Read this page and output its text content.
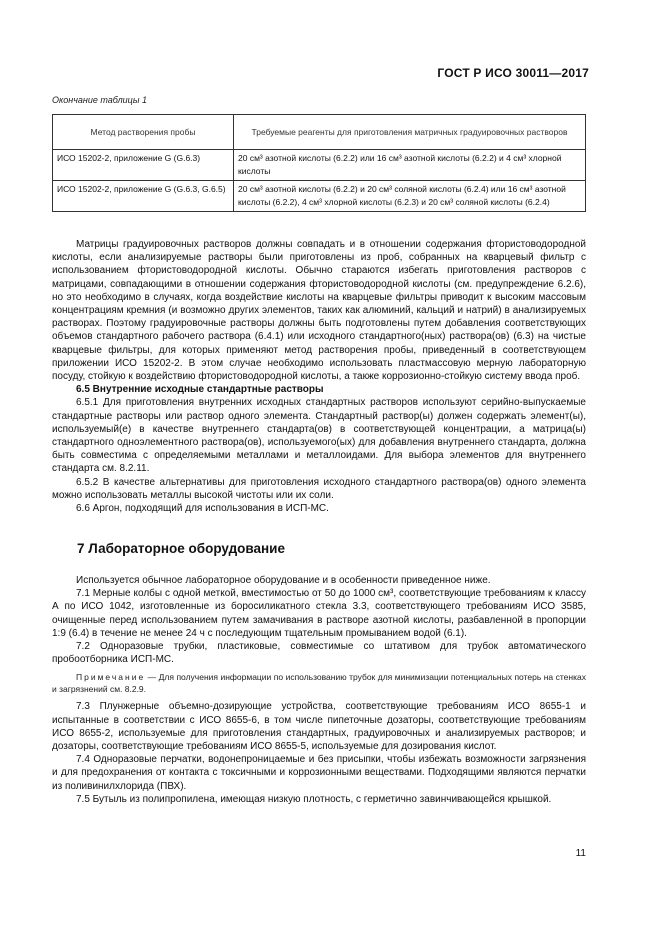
ГОСТ Р ИСО 30011—2017
Окончание таблицы 1
Метод растворения пробы	Требуемые реагенты для приготовления матричных градуировочных растворов
ИСО 15202-2, приложение G (G.6.3)	20 см³ азотной кислоты (6.2.2) или 16 см³ азотной кислоты (6.2.2) и 4 см³ хлорной кислоты
ИСО 15202-2, приложение G (G.6.3, G.6.5)	20 см³ азотной кислоты (6.2.2) и 20 см³ соляной кислоты (6.2.4) или 16 см³ азотной кислоты (6.2.2), 4 см³ хлорной кислоты (6.2.3) и 20 см³ соляной кислоты (6.2.4)

Матрицы градуировочных растворов должны совпадать и в отношении содержания фтористоводородной кислоты, если анализируемые растворы были приготовлены из проб, собранных на кварцевый фильтр с использованием фтористоводородной кислоты. Обычно стараются избегать приготовления растворов с матрицами, совпадающими в отношении содержания фтористоводородной кислоты (см. предупреждение 6.2.6), но это необходимо в случаях, когда воздействие кислоты на кварцевые фильтры приводит к высоким массовым концентрациям кремния (и возможно других элементов, таких как алюминий, кальций и натрий) в анализируемых растворах. Поэтому градуировочные растворы должны быть подготовлены путем добавления соответствующих объемов стандартного рабочего раствора (6.4.1) или исходного стандартного(ных) раствора(ов) (6.3) на чистые кварцевые фильтры, для которых применяют метод растворения пробы, приведенный в соответствующем приложении ИСО 15202-2. В этом случае необходимо использовать пластмассовую мерную лабораторную посуду, стойкую к воздействию фтористоводородной кислоты, а также коррозионно-стойкую систему ввода проб.

6.5 Внутренние исходные стандартные растворы

6.5.1 Для приготовления внутренних исходных стандартных растворов используют серийно-выпускаемые стандартные растворы или раствор одного элемента. Стандартный раствор(ы) должен содержать элемент(ы), используемый(е) в качестве внутреннего стандарта(ов) в соответствующей концентрации, а матрица(ы) стандартного одноэлементного раствора(ов), используемого(ых) для добавления внутреннего стандарта, должна быть совместима с определяемыми металлами и металлоидами. Для выбора элементов для внутреннего стандарта см. 8.2.11.

6.5.2 В качестве альтернативы для приготовления исходного стандартного раствора(ов) одного элемента можно использовать металлы высокой чистоты или их соли.

6.6 Аргон, подходящий для использования в ИСП-МС.

7 Лабораторное оборудование

Используется обычное лабораторное оборудование и в особенности приведенное ниже.

7.1 Мерные колбы с одной меткой, вместимостью от 50 до 1000 см³, соответствующие требованиям к классу А по ИСО 1042, изготовленные из боросиликатного стекла 3.3, соответствующего требованиям ИСО 3585, очищенные перед использованием путем замачивания в растворе азотной кислоты, разбавленной в пропорции 1:9 (6.4) в течение не менее 24 ч с последующим тщательным промыванием водой (6.1).

7.2 Одноразовые трубки, пластиковые, совместимые со штативом для трубок автоматического пробоотборника ИСП-МС.

Примечание — Для получения информации по использованию трубок для минимизации потенциальных потерь на стенках и загрязнений см. 8.2.9.

7.3 Плунжерные объемно-дозирующие устройства, соответствующие требованиям ИСО 8655-1 и испытанные в соответствии с ИСО 8655-6, в том числе пипеточные дозаторы, соответствующие требованиям ИСО 8655-2, используемые для приготовления стандартных, градуировочных и анализируемых растворов; и дозаторы, соответствующие требованиям ИСО 8655-5, используемые для дозирования кислот.

7.4 Одноразовые перчатки, водонепроницаемые и без присыпки, чтобы избежать возможности загрязнения и для предохранения от контакта с токсичными и коррозионными веществами. Подходящими являются перчатки из поливинилхлорида (ПВХ).

7.5 Бутыль из полипропилена, имеющая низкую плотность, с герметично завинчивающейся крышкой.

11
